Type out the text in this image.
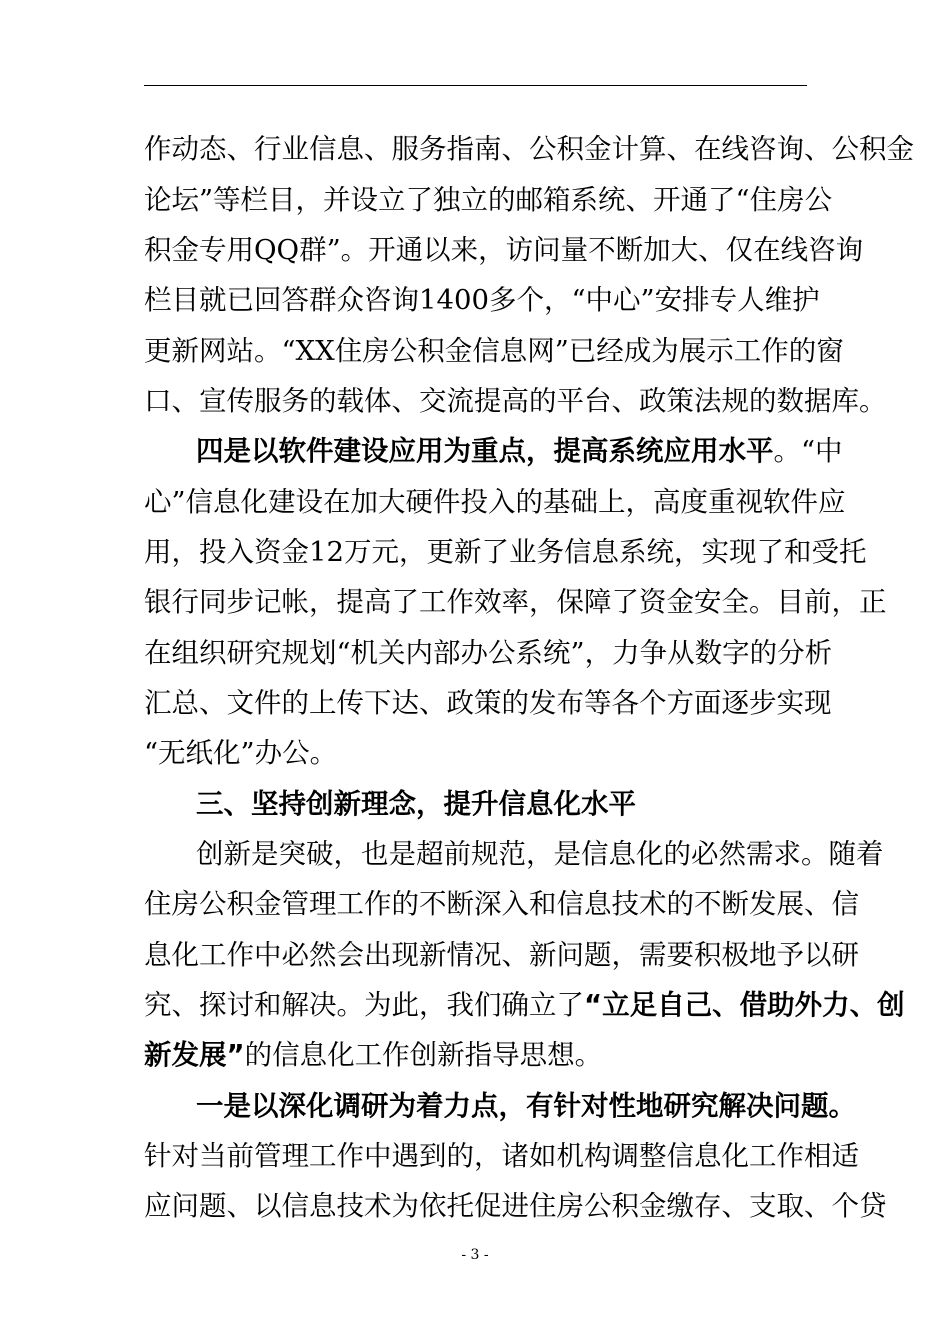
作动态、行业信息、服务指南、公积金计算、在线咨询、公积金
论坛”等栏目，并设立了独立的邮箱系统、开通了“住房公
积金专用QQ群”。开通以来，访问量不断加大、仅在线咨询
栏目就已回答群众咨询1400多个，“中心”安排专人维护
更新网站。“XX住房公积金信息网”已经成为展示工作的窗
口、宣传服务的载体、交流提高的平台、政策法规的数据库。
四是以软件建设应用为重点，提高系统应用水平。“中
心”信息化建设在加大硬件投入的基础上，高度重视软件应
用，投入资金12万元，更新了业务信息系统，实现了和受托
银行同步记帐，提高了工作效率，保障了资金安全。目前，正
在组织研究规划“机关内部办公系统”，力争从数字的分析
汇总、文件的上传下达、政策的发布等各个方面逐步实现
“无纸化”办公。
三、坚持创新理念，提升信息化水平
创新是突破，也是超前规范，是信息化的必然需求。随着
住房公积金管理工作的不断深入和信息技术的不断发展、信
息化工作中必然会出现新情况、新问题，需要积极地予以研
究、探讨和解决。为此，我们确立了“立足自己、借助外力、创
新发展”的信息化工作创新指导思想。
一是以深化调研为着力点，有针对性地研究解决问题。
针对当前管理工作中遇到的，诸如机构调整信息化工作相适
应问题、以信息技术为依托促进住房公积金缴存、支取、个贷
- 3 -
